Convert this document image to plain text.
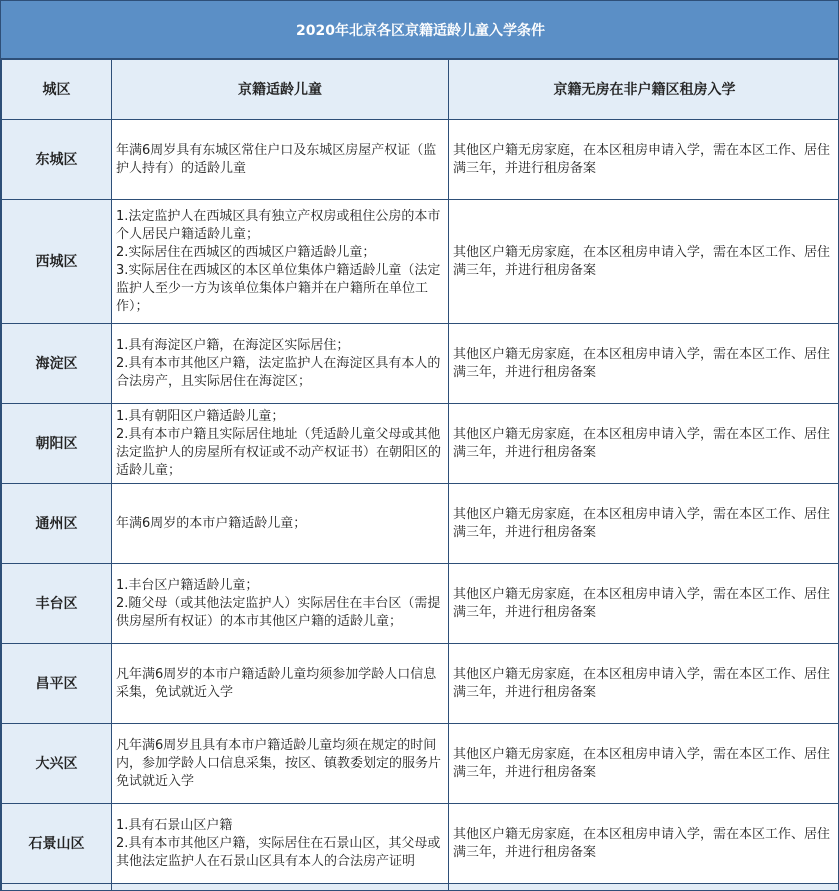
2020年北京各区京籍适龄儿童入学条件
城区	京籍适龄儿童	京籍无房在非户籍区租房入学
东城区	年满6周岁具有东城区常住户口及东城区房屋产权证（监护人持有）的适龄儿童	其他区户籍无房家庭，在本区租房申请入学，需在本区工作、居住满三年，并进行租房备案
西城区	1.法定监护人在西城区具有独立产权房或租住公房的本市个人居民户籍适龄儿童；
2.实际居住在西城区的西城区户籍适龄儿童；
3.实际居住在西城区的本区单位集体户籍适龄儿童（法定监护人至少一方为该单位集体户籍并在户籍所在单位工作）；	其他区户籍无房家庭，在本区租房申请入学，需在本区工作、居住满三年，并进行租房备案
海淀区	1.具有海淀区户籍，在海淀区实际居住；
2.具有本市其他区户籍，法定监护人在海淀区具有本人的合法房产，且实际居住在海淀区；	其他区户籍无房家庭，在本区租房申请入学，需在本区工作、居住满三年，并进行租房备案
朝阳区	1.具有朝阳区户籍适龄儿童；
2.具有本市户籍且实际居住地址（凭适龄儿童父母或其他法定监护人的房屋所有权证或不动产权证书）在朝阳区的适龄儿童；	其他区户籍无房家庭，在本区租房申请入学，需在本区工作、居住满三年，并进行租房备案
通州区	年满6周岁的本市户籍适龄儿童；	其他区户籍无房家庭，在本区租房申请入学，需在本区工作、居住满三年，并进行租房备案
丰台区	1.丰台区户籍适龄儿童；
2.随父母（或其他法定监护人）实际居住在丰台区（需提供房屋所有权证）的本市其他区户籍的适龄儿童；	其他区户籍无房家庭，在本区租房申请入学，需在本区工作、居住满三年，并进行租房备案
昌平区	凡年满6周岁的本市户籍适龄儿童均须参加学龄人口信息采集，免试就近入学	其他区户籍无房家庭，在本区租房申请入学，需在本区工作、居住满三年，并进行租房备案
大兴区	凡年满6周岁且具有本市户籍适龄儿童均须在规定的时间内，参加学龄人口信息采集，按区、镇教委划定的服务片免试就近入学	其他区户籍无房家庭，在本区租房申请入学，需在本区工作、居住满三年，并进行租房备案
石景山区	1.具有石景山区户籍
2.具有本市其他区户籍，实际居住在石景山区，其父母或其他法定监护人在石景山区具有本人的合法房产证明	其他区户籍无房家庭，在本区租房申请入学，需在本区工作、居住满三年，并进行租房备案
